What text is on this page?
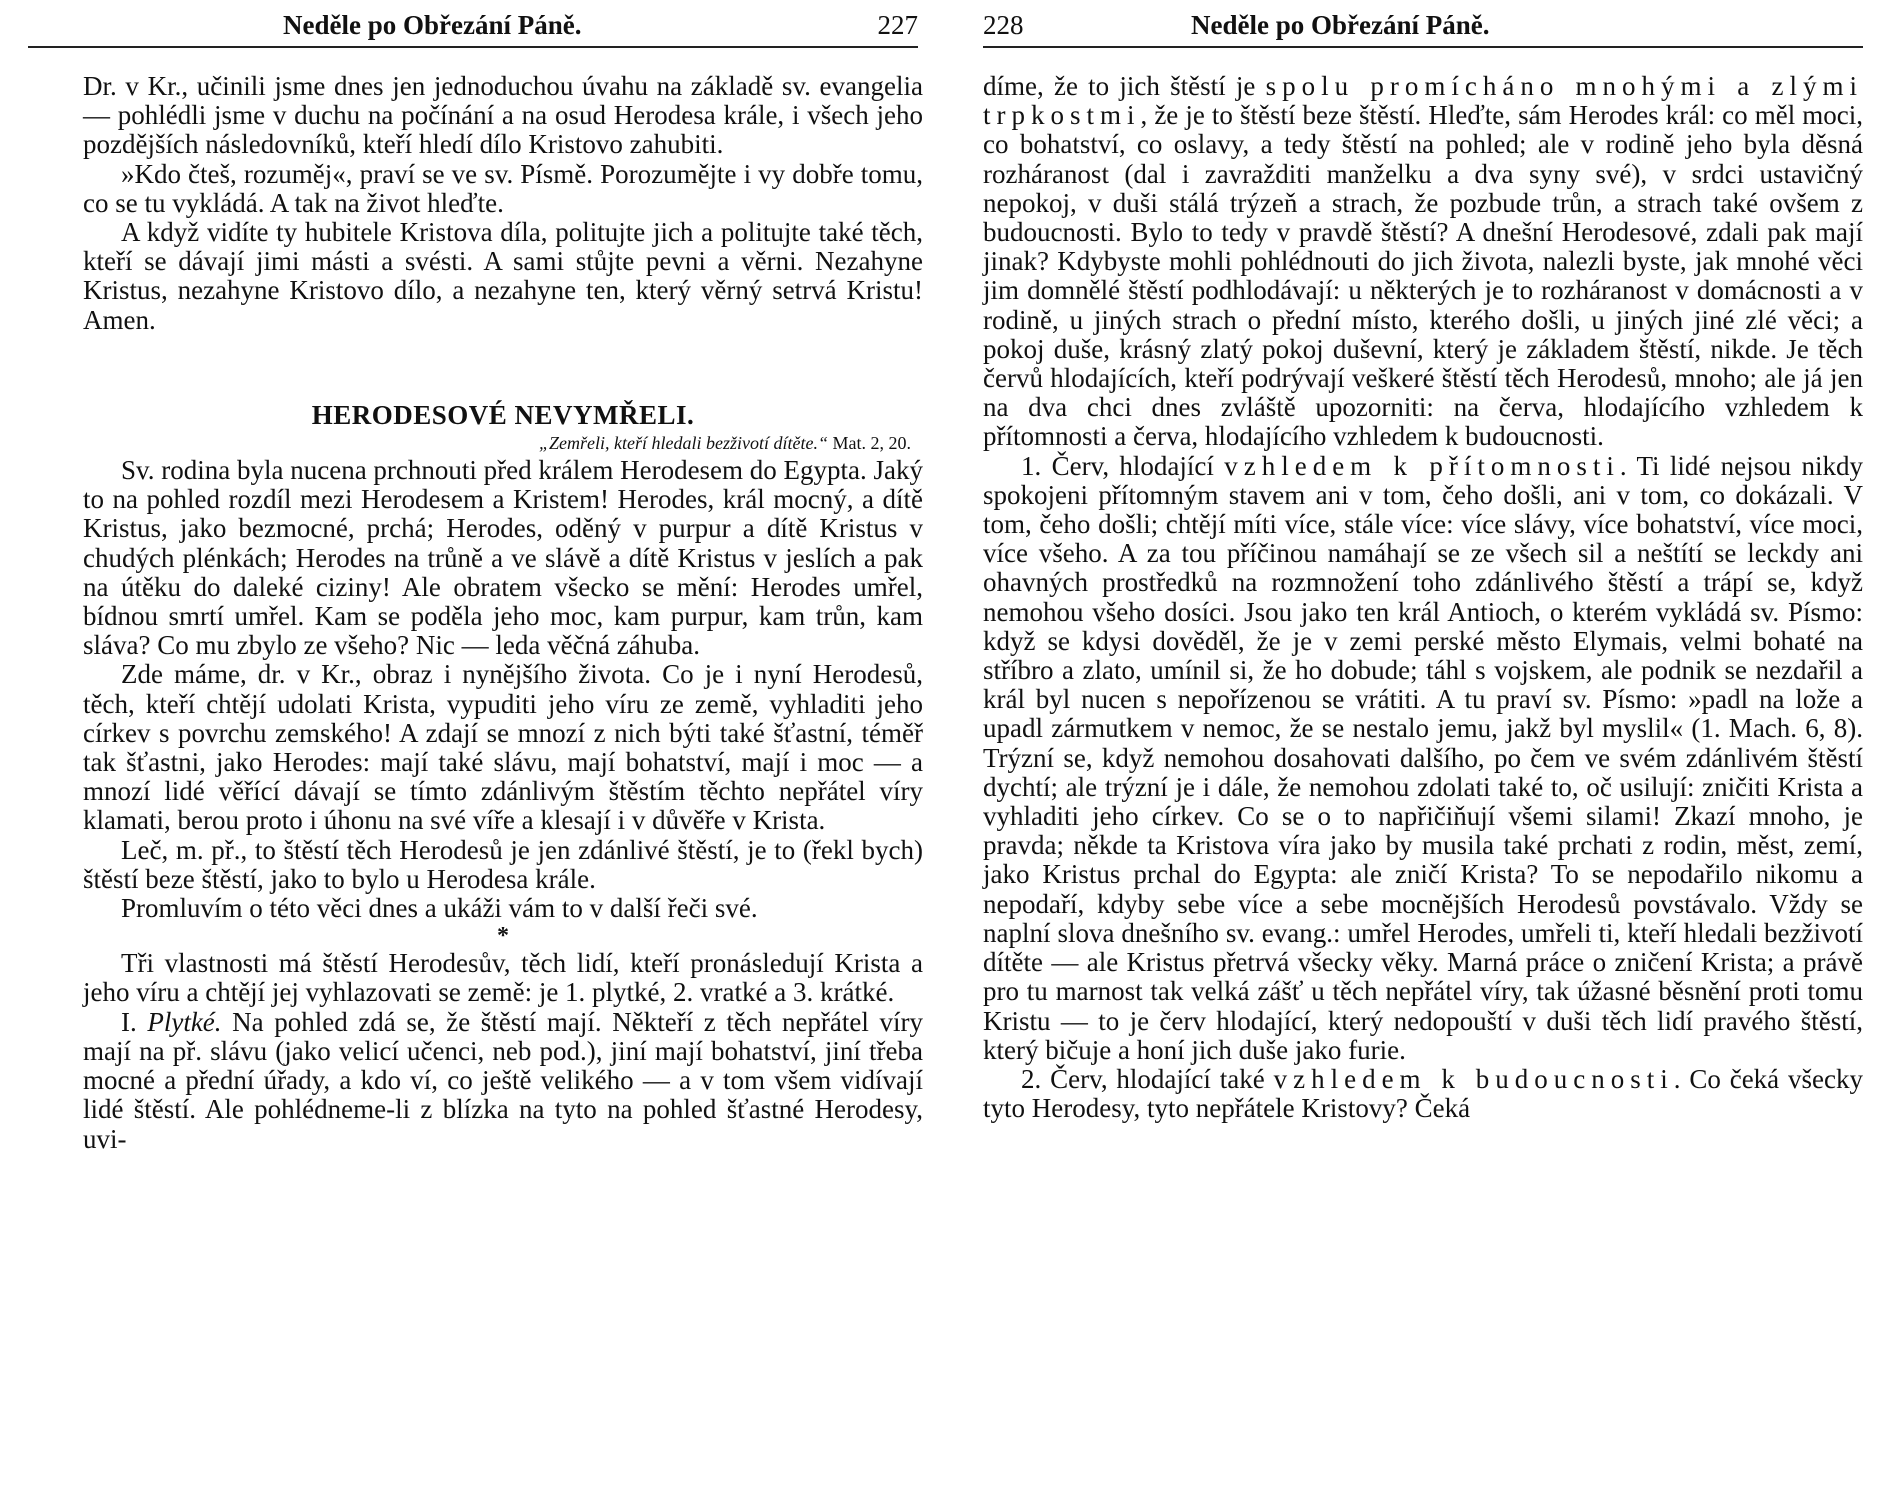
Neděle po Obřezání Páně.	227

Dr. v Kr., učinili jsme dnes jen jednoduchou úvahu na základě sv. evangelia — pohlédli jsme v duchu na počínání a na osud Herodesa krále, i všech jeho pozdějších následovníků, kteří hledí dílo Kristovo zahubiti.

»Kdo čteš, rozuměj«, praví se ve sv. Písmě. Porozumějte i vy dobře tomu, co se tu vykládá. A tak na život hleďte.

A když vidíte ty hubitele Kristova díla, politujte jich a politujte také těch, kteří se dávají jimi másti a svésti. A sami stůjte pevni a věrni. Nezahyne Kristus, nezahyne Kristovo dílo, a nezahyne ten, který věrný setrvá Kristu! Amen.

HERODESOVÉ NEVYMŘELI.

„Zemřeli, kteří hledali bezživotí dítěte.“ Mat. 2, 20.

Sv. rodina byla nucena prchnouti před králem Herodesem do Egypta. Jaký to na pohled rozdíl mezi Herodesem a Kristem! Herodes, král mocný, a dítě Kristus, jako bezmocné, prchá; Herodes, oděný v purpur a dítě Kristus v chudých plénkách; Herodes na trůně a ve slávě a dítě Kristus v jeslích a pak na útěku do daleké ciziny! Ale obratem všecko se mění: Herodes umřel, bídnou smrtí umřel. Kam se poděla jeho moc, kam purpur, kam trůn, kam sláva? Co mu zbylo ze všeho? Nic — leda věčná záhuba.

Zde máme, dr. v Kr., obraz i nynějšího života. Co je i nyní Herodesů, těch, kteří chtějí udolati Krista, vypuditi jeho víru ze země, vyhladiti jeho církev s povrchu zemského! A zdají se mnozí z nich býti také šťastní, téměř tak šťastni, jako Herodes: mají také slávu, mají bohatství, mají i moc — a mnozí lidé věřící dávají se tímto zdánlivým štěstím těchto nepřátel víry klamati, berou proto i úhonu na své víře a klesají i v důvěře v Krista.

Leč, m. př., to štěstí těch Herodesů je jen zdánlivé štěstí, je to (řekl bych) štěstí beze štěstí, jako to bylo u Herodesa krále.

Promluvím o této věci dnes a ukáži vám to v další řeči své.

*

Tři vlastnosti má štěstí Herodesův, těch lidí, kteří pronásledují Krista a jeho víru a chtějí jej vyhlazovati se země: je 1. plytké, 2. vratké a 3. krátké.

I. Plytké. Na pohled zdá se, že štěstí mají. Někteří z těch nepřátel víry mají na př. slávu (jako velicí učenci, neb pod.), jiní mají bohatství, jiní třeba mocné a přední úřady, a kdo ví, co ještě velikého — a v tom všem vidívají lidé štěstí. Ale pohlédneme-li z blízka na tyto na pohled šťastné Herodesy, uvi-

228	Neděle po Obřezání Páně.

díme, že to jich štěstí je spolu promícháno mnohými a zlými trpkostmi, že je to štěstí beze štěstí. Hleďte, sám Herodes král: co měl moci, co bohatství, co oslavy, a tedy štěstí na pohled; ale v rodině jeho byla děsná rozháranost (dal i zavražditi manželku a dva syny své), v srdci ustavičný nepokoj, v duši stálá trýzeň a strach, že pozbude trůn, a strach také ovšem z budoucnosti. Bylo to tedy v pravdě štěstí? A dnešní Herodesové, zdali pak mají jinak? Kdybyste mohli pohlédnouti do jich života, nalezli byste, jak mnohé věci jim domnělé štěstí podhlodávají: u některých je to rozháranost v domácnosti a v rodině, u jiných strach o přední místo, kterého došli, u jiných jiné zlé věci; a pokoj duše, krásný zlatý pokoj duševní, který je základem štěstí, nikde. Je těch červů hlodajících, kteří podrývají veškeré štěstí těch Herodesů, mnoho; ale já jen na dva chci dnes zvláště upozorniti: na červa, hlodajícího vzhledem k přítomnosti a červa, hlodajícího vzhledem k budoucnosti.

1. Červ, hlodající vzhledem k přítomnosti. Ti lidé nejsou nikdy spokojeni přítomným stavem ani v tom, čeho došli, ani v tom, co dokázali. V tom, čeho došli; chtějí míti více, stále více: více slávy, více bohatství, více moci, více všeho. A za tou příčinou namáhají se ze všech sil a neštítí se leckdy ani ohavných prostředků na rozmnožení toho zdánlivého štěstí a trápí se, když nemohou všeho dosíci. Jsou jako ten král Antioch, o kterém vykládá sv. Písmo: když se kdysi dověděl, že je v zemi perské město Elymais, velmi bohaté na stříbro a zlato, umínil si, že ho dobude; táhl s vojskem, ale podnik se nezdařil a král byl nucen s nepořízenou se vrátiti. A tu praví sv. Písmo: »padl na lože a upadl zármutkem v nemoc, že se nestalo jemu, jakž byl myslil« (1. Mach. 6, 8). Trýzní se, když nemohou dosahovati dalšího, po čem ve svém zdánlivém štěstí dychtí; ale trýzní je i dále, že nemohou zdolati také to, oč usilují: zničiti Krista a vyhladiti jeho církev. Co se o to napřičiňují všemi silami! Zkazí mnoho, je pravda; někde ta Kristova víra jako by musila také prchati z rodin, měst, zemí, jako Kristus prchal do Egypta: ale zničí Krista? To se nepodařilo nikomu a nepodaří, kdyby sebe více a sebe mocnějších Herodesů povstávalo. Vždy se naplní slova dnešního sv. evang.: umřel Herodes, umřeli ti, kteří hledali bezživotí dítěte — ale Kristus přetrvá všecky věky. Marná práce o zničení Krista; a právě pro tu marnost tak velká zášť u těch nepřátel víry, tak úžasné běsnění proti tomu Kristu — to je červ hlodající, který nedopouští v duši těch lidí pravého štěstí, který bičuje a honí jich duše jako furie.

2. Červ, hlodající také vzhledem k budoucnosti. Co čeká všecky tyto Herodesy, tyto nepřátele Kristovy? Čeká
